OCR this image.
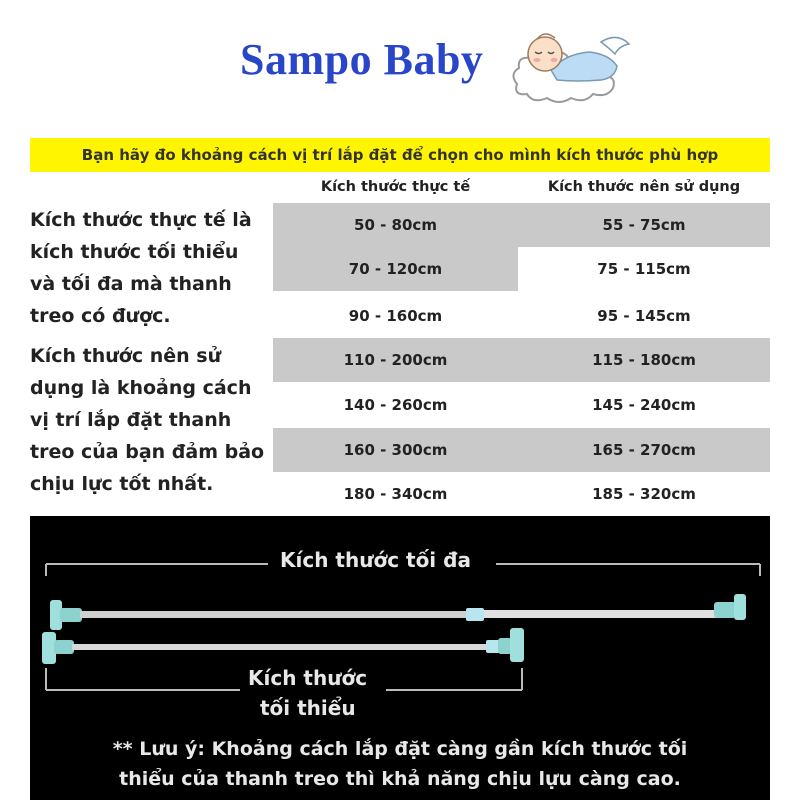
Sampo Baby
Bạn hãy đo khoảng cách vị trí lắp đặt để chọn cho mình kích thước phù hợp
Kích thước thực tế	Kích thước nên sử dụng
Kích thước thực tế là
kích thước tối thiểu
và tối đa mà thanh
treo có được.
Kích thước nên sử
dụng là khoảng cách
vị trí lắp đặt thanh
treo của bạn đảm bảo
chịu lực tốt nhất.
50 - 80cm	55 - 75cm
70 - 120cm	75 - 115cm
90 - 160cm	95 - 145cm
110 - 200cm	115 - 180cm
140 - 260cm	145 - 240cm
160 - 300cm	165 - 270cm
180 - 340cm	185 - 320cm
Kích thước tối đa
Kích thước
tối thiểu
** Lưu ý: Khoảng cách lắp đặt càng gần kích thước tối
thiểu của thanh treo thì khả năng chịu lựu càng cao.
